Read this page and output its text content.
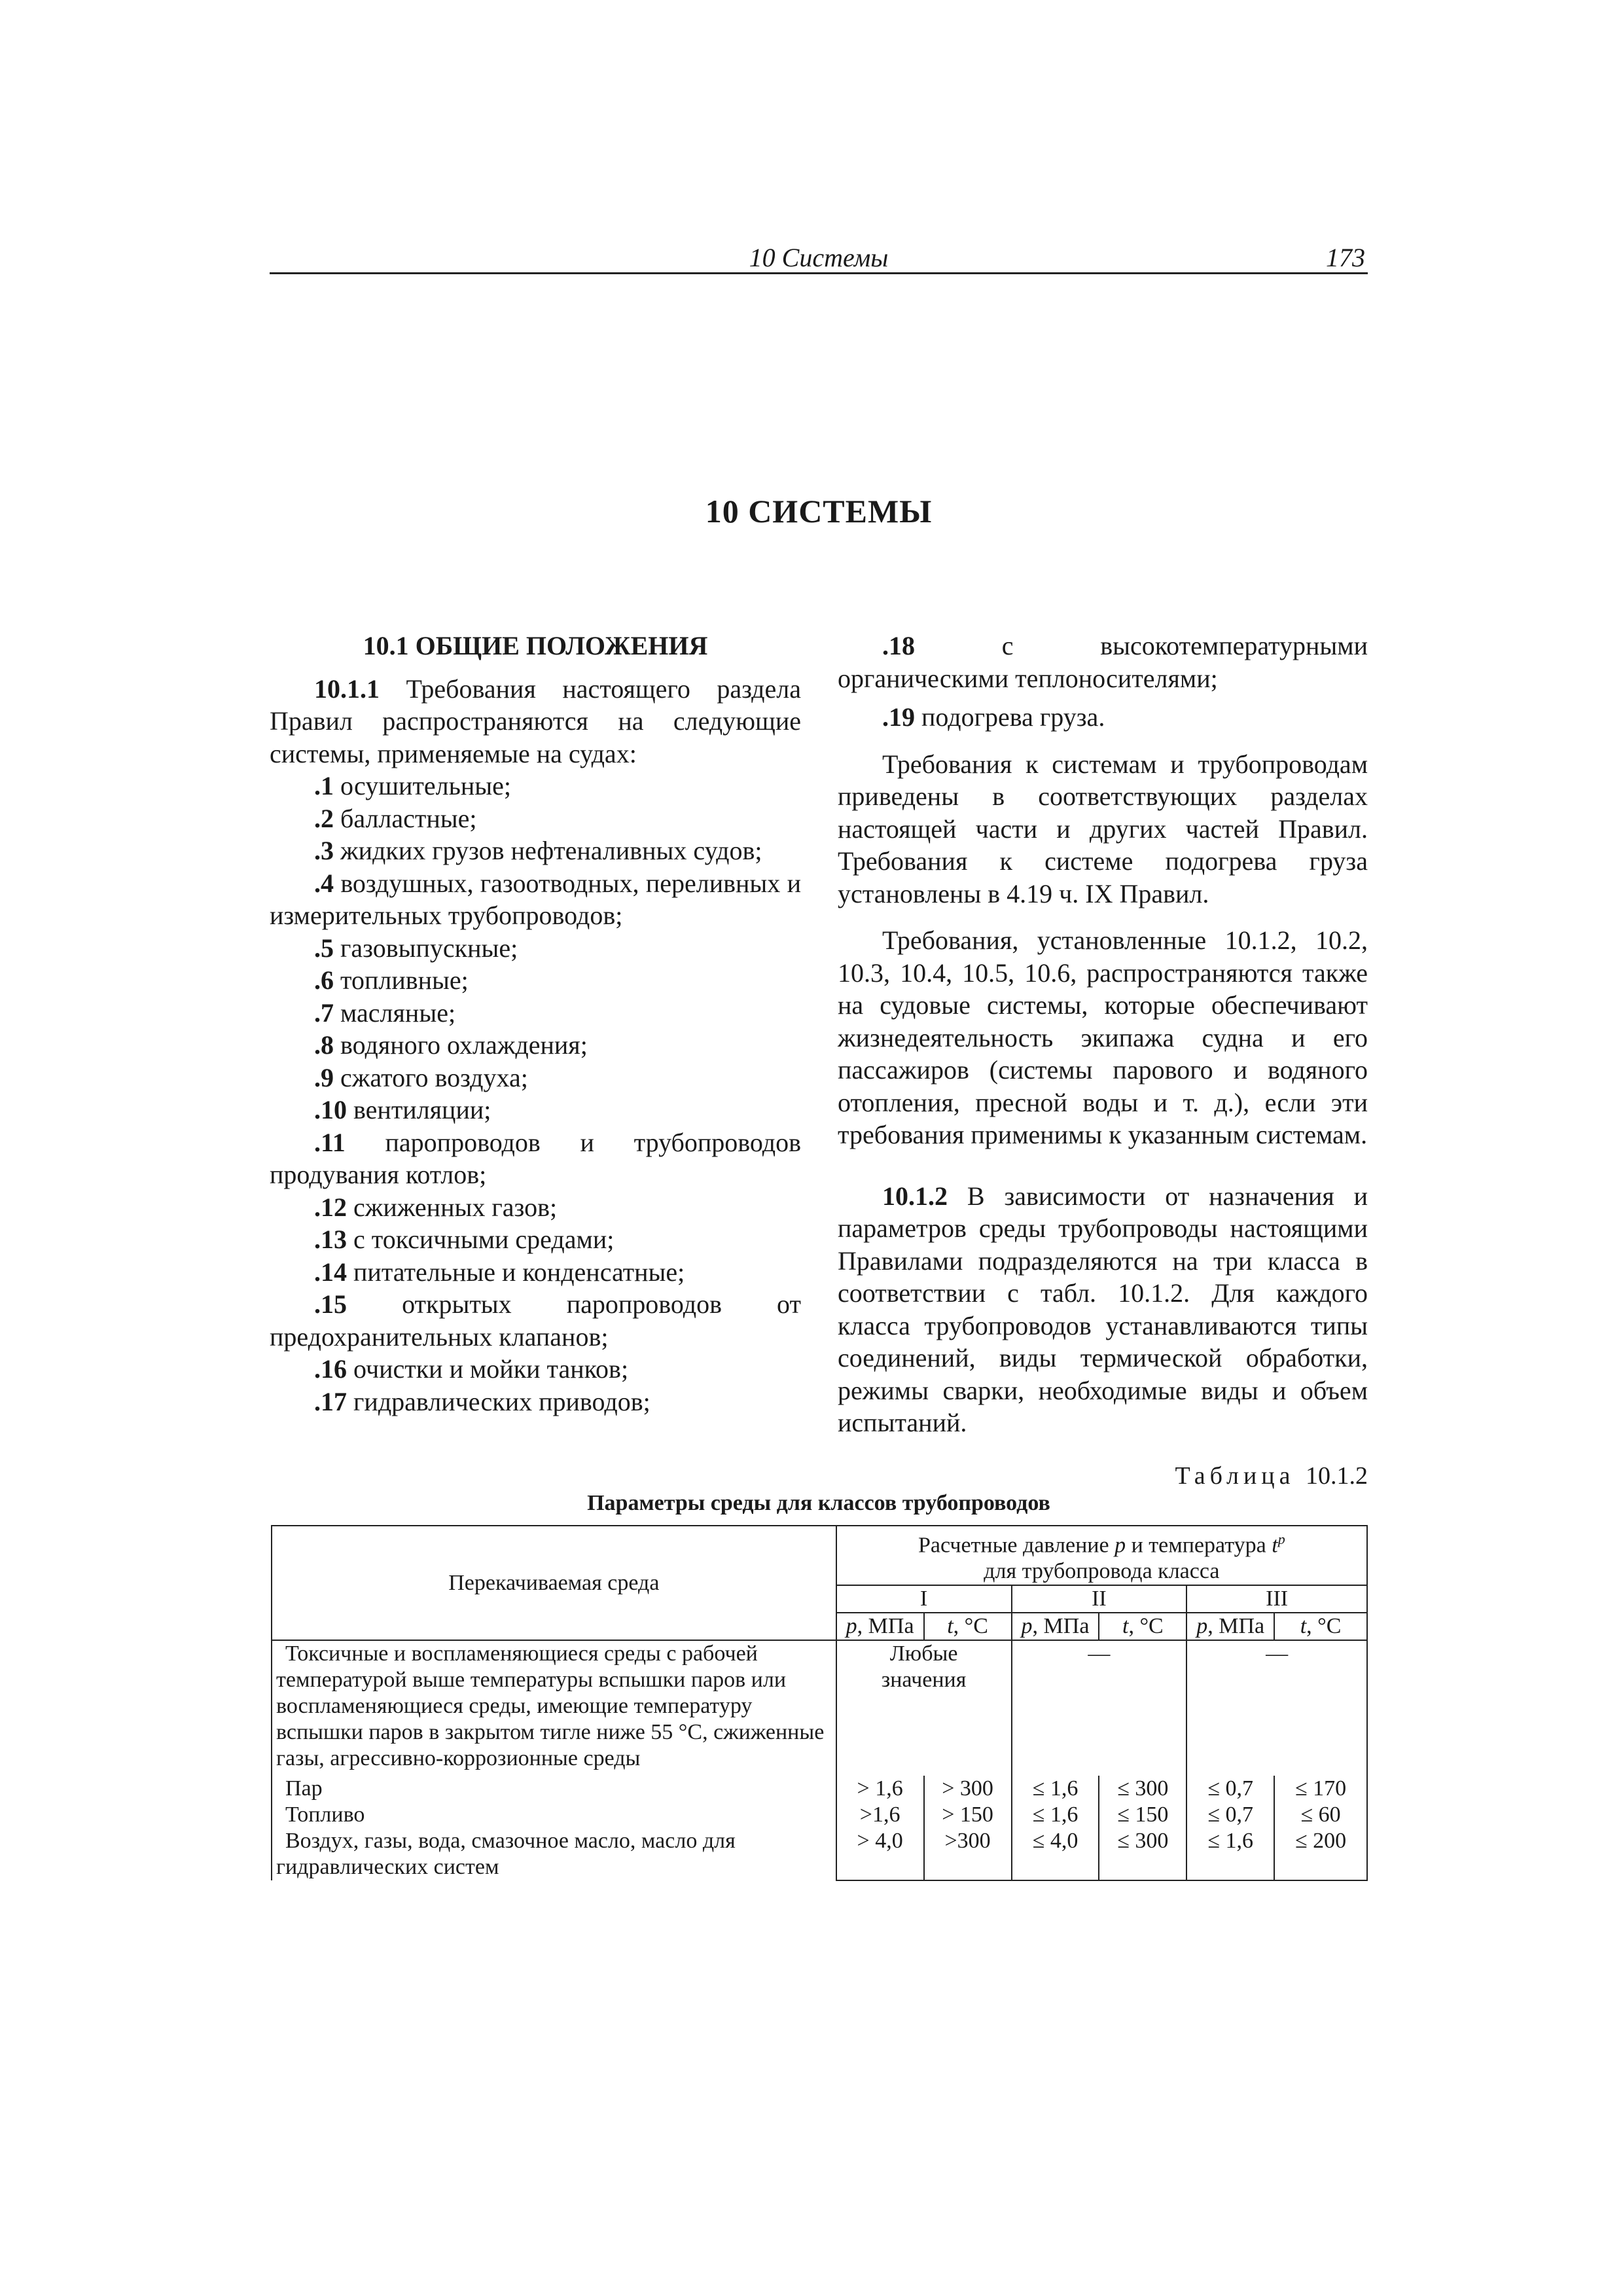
10 Системы	173
10 СИСТЕМЫ

10.1 ОБЩИЕ ПОЛОЖЕНИЯ

10.1.1 Требования настоящего раздела Правил распространяются на следующие системы, применяемые на судах:

.1 осушительные;

.2 балластные;

.3 жидких грузов нефтеналивных судов;

.4 воздушных, газоотводных, переливных и измерительных трубопроводов;

.5 газовыпускные;

.6 топливные;

.7 масляные;

.8 водяного охлаждения;

.9 сжатого воздуха;

.10 вентиляции;

.11 паропроводов и трубопроводов продувания котлов;

.12 сжиженных газов;

.13 с токсичными средами;

.14 питательные и конденсатные;

.15 открытых паропроводов от предохранительных клапанов;

.16 очистки и мойки танков;

.17 гидравлических приводов;

.18	с высокотемпературными органическими теплоносителями;

.19 подогрева груза.

Требования к системам и трубопроводам приведены в соответствующих разделах настоящей части и других частей Правил. Требования к системе подогрева груза установлены в 4.19 ч. IX Правил.

Требования, установленные 10.1.2, 10.2, 10.3, 10.4, 10.5, 10.6, распространяются также на судовые системы, которые обеспечивают жизнедеятельность экипажа судна и его пассажиров (системы парового и водяного отопления, пресной воды и т. д.), если эти требования применимы к указанным системам.

10.1.2 В зависимости от назначения и параметров среды трубопроводы настоящими Правилами подразделяются на три класса в соответствии с табл. 10.1.2. Для каждого класса трубопроводов устанавливаются типы соединений, виды термической обработки, режимы сварки, необходимые виды и объем испытаний.

Таблица 10.1.2
Параметры среды для классов трубопроводов
Перекачиваемая среда	Расчетные давление p и температура $t^p$
для трубопровода класса					
	I		II		III	
	p, МПа	t, °С	p, МПа	t, °С	p, МПа	t, °С
Токсичные и воспламеняющиеся среды с рабочей температурой выше температуры вспышки паров или воспламеняющиеся среды, имеющие температуру вспышки паров в закрытом тигле ниже 55 °С, сжиженные газы, агрессивно-коррозионные среды	Любые значения		—		—	
Пар	> 1,6	> 300	≤ 1,6	≤ 300	≤ 0,7	≤ 170
Топливо	>1,6	> 150	≤ 1,6	≤ 150	≤ 0,7	≤ 60
Воздух, газы, вода, смазочное масло, масло для гидравлических систем	> 4,0	>300	≤ 4,0	≤ 300	≤ 1,6	≤ 200
